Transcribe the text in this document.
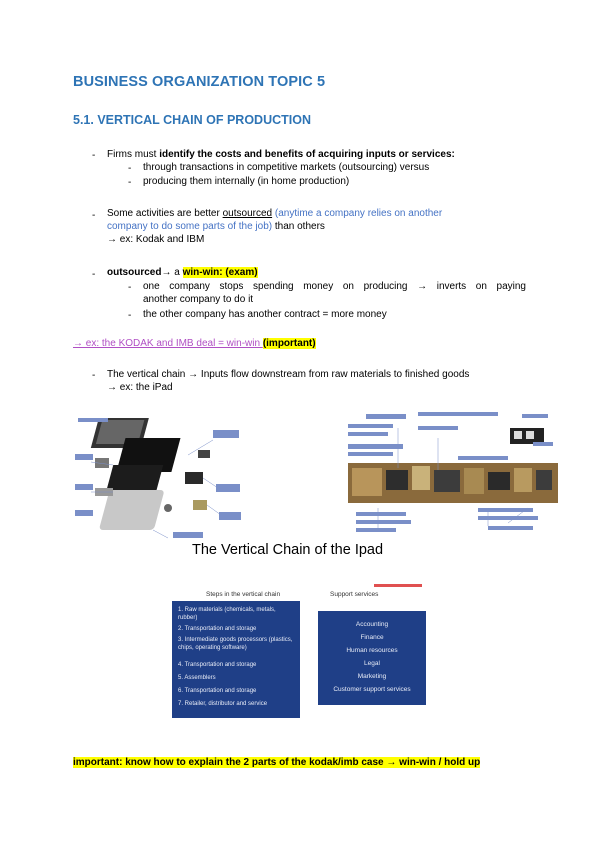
BUSINESS ORGANIZATION TOPIC 5
5.1. VERTICAL CHAIN OF PRODUCTION
- Firms must identify the costs and benefits of acquiring inputs or services:
- through transactions in competitive markets (outsourcing) versus
- producing them internally (in home production)
- Some activities are better outsourced (anytime a company relies on another
company to do some parts of the job) than others
→ ex: Kodak and IBM
- outsourced→ a win-win: (exam)
- one company stops spending money on producing → inverts on paying
another company to do it
- the other company has another contract = more money
→ ex: the KODAK and IMB deal = win-win (important)
- The vertical chain → Inputs flow downstream from raw materials to finished goods
→ ex: the iPad
The Vertical Chain of the Ipad
Steps in the vertical chain	Support services
1. Raw materials (chemicals, metals, rubber)
2. Transportation and storage
3. Intermediate goods processors (plastics, chips, operating software)
4. Transportation and storage
5. Assemblers
6. Transportation and storage
7. Retailer, distributor and service
Accounting
Finance
Human resources
Legal
Marketing
Customer support services
important: know how to explain the 2 parts of the kodak/imb case → win-win / hold up
